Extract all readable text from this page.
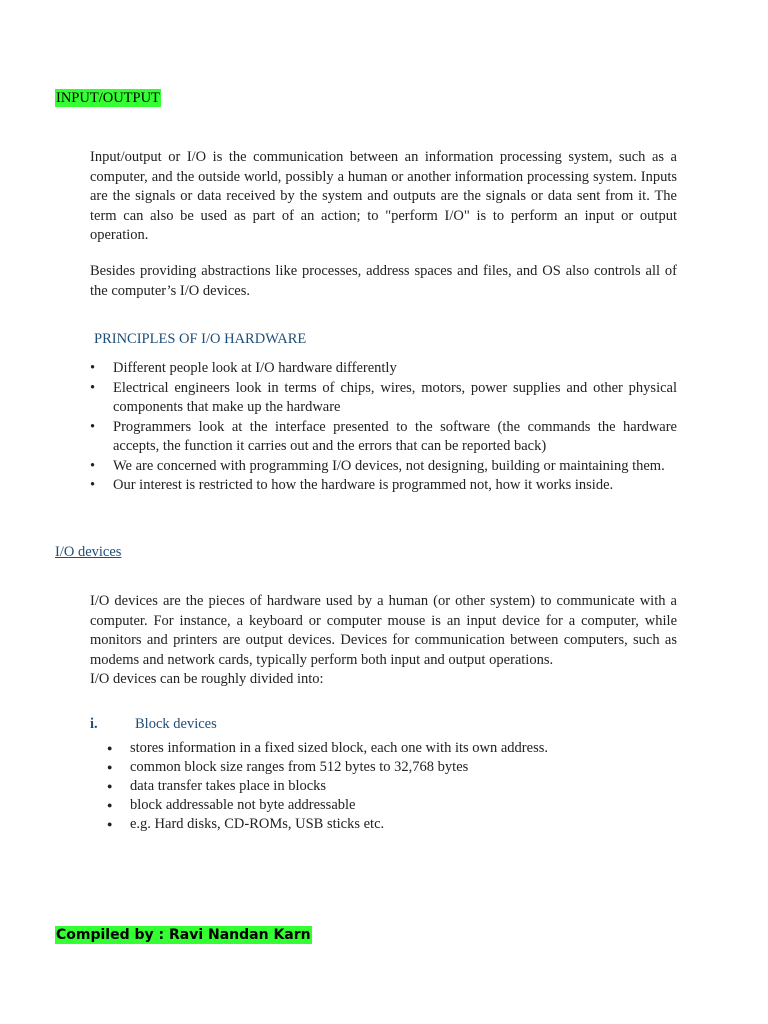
INPUT/OUTPUT

Input/output or I/O is the communication between an information processing system, such as a computer, and the outside world, possibly a human or another information processing system. Inputs are the signals or data received by the system and outputs are the signals or data sent from it. The term can also be used as part of an action; to "perform I/O" is to perform an input or output operation.

Besides providing abstractions like processes, address spaces and files, and OS also controls all of the computer’s I/O devices.

PRINCIPLES OF I/O HARDWARE
• Different people look at I/O hardware differently
• Electrical engineers look in terms of chips, wires, motors, power supplies and other physical components that make up the hardware
• Programmers look at the interface presented to the software (the commands the hardware accepts, the function it carries out and the errors that can be reported back)
• We are concerned with programming I/O devices, not designing, building or maintaining them.
• Our interest is restricted to how the hardware is programmed not, how it works inside.
I/O devices
I/O devices are the pieces of hardware used by a human (or other system) to communicate with a computer. For instance, a keyboard or computer mouse is an input device for a computer, while monitors and printers are output devices. Devices for communication between computers, such as modems and network cards, typically perform both input and output operations.
I/O devices can be roughly divided into:
i.	Block devices
● stores information in a fixed sized block, each one with its own address.
● common block size ranges from 512 bytes to 32,768 bytes
● data transfer takes place in blocks
● block addressable not byte addressable
● e.g. Hard disks, CD-ROMs, USB sticks etc.
Compiled by : Ravi Nandan Karn
